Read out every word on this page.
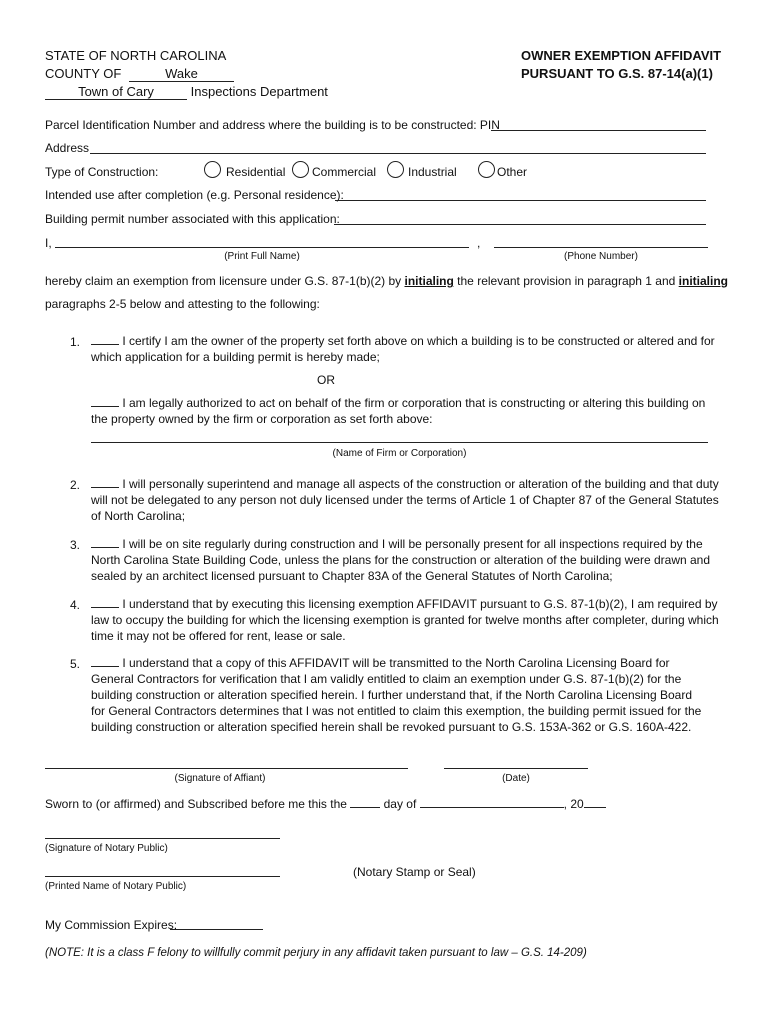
STATE OF NORTH CAROLINA
COUNTY OF	Wake
Town of Cary	Inspections Department
OWNER EXEMPTION AFFIDAVIT
PURSUANT TO G.S. 87-14(a)(1)
Parcel Identification Number and address where the building is to be constructed: PIN
Address
Type of Construction:	Residential Commercial	Industrial	Other
Intended use after completion (e.g. Personal residence):
Building permit number associated with this application:
I,	,
(Print Full Name)	(Phone Number)
hereby claim an exemption from licensure under G.S. 87-1(b)(2) by initialing the relevant provision in paragraph 1 and initialing
paragraphs 2-5 below and attesting to the following:
1.	I certify I am the owner of the property set forth above on which a building is to be constructed or altered and for which application for a building permit is hereby made;
OR
I am legally authorized to act on behalf of the firm or corporation that is constructing or altering this building on the property owned by the firm or corporation as set forth above:
(Name of Firm or Corporation)
2.	I will personally superintend and manage all aspects of the construction or alteration of the building and that duty will not be delegated to any person not duly licensed under the terms of Article 1 of Chapter 87 of the General Statutes of North Carolina;
3.	I will be on site regularly during construction and I will be personally present for all inspections required by the North Carolina State Building Code, unless the plans for the construction or alteration of the building were drawn and sealed by an architect licensed pursuant to Chapter 83A of the General Statutes of North Carolina;
4.	I understand that by executing this licensing exemption AFFIDAVIT pursuant to G.S. 87-1(b)(2), I am required by law to occupy the building for which the licensing exemption is granted for twelve months after completer, during which time it may not be offered for rent, lease or sale.
5.	I understand that a copy of this AFFIDAVIT will be transmitted to the North Carolina Licensing Board for General Contractors for verification that I am validly entitled to claim an exemption under G.S. 87-1(b)(2) for the building construction or alteration specified herein. I further understand that, if the North Carolina Licensing Board for General Contractors determines that I was not entitled to claim this exemption, the building permit issued for the building construction or alteration specified herein shall be revoked pursuant to G.S. 153A-362 or G.S. 160A-422.
(Signature of Affiant)	(Date)
Sworn to (or affirmed) and Subscribed before me this the	day of	, 20
(Signature of Notary Public)
(Notary Stamp or Seal)
(Printed Name of Notary Public)
My Commission Expires:
(NOTE: It is a class F felony to willfully commit perjury in any affidavit taken pursuant to law – G.S. 14-209)
